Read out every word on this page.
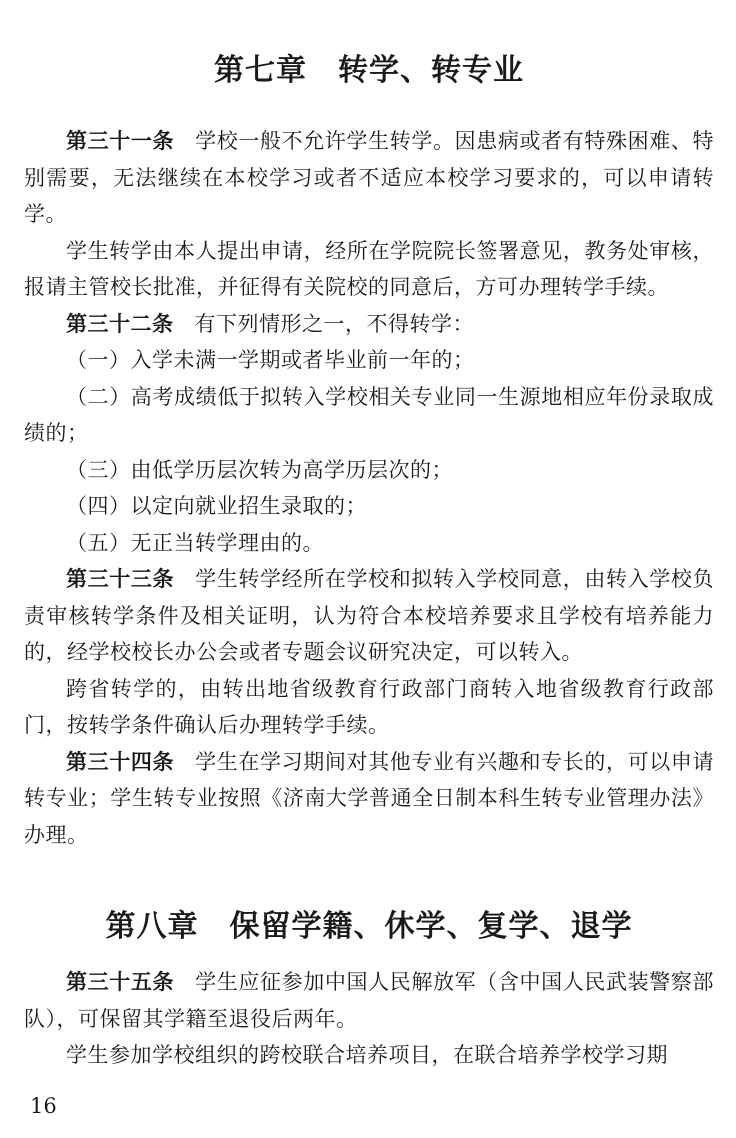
第七章　转学、转专业

第三十一条 学校一般不允许学生转学。因患病或者有特殊困难、特别需要，无法继续在本校学习或者不适应本校学习要求的，可以申请转学。

学生转学由本人提出申请，经所在学院院长签署意见，教务处审核，报请主管校长批准，并征得有关院校的同意后，方可办理转学手续。

第三十二条 有下列情形之一，不得转学：

（一）入学未满一学期或者毕业前一年的；

（二）高考成绩低于拟转入学校相关专业同一生源地相应年份录取成绩的；

（三）由低学历层次转为高学历层次的；

（四）以定向就业招生录取的；

（五）无正当转学理由的。

第三十三条 学生转学经所在学校和拟转入学校同意，由转入学校负责审核转学条件及相关证明，认为符合本校培养要求且学校有培养能力的，经学校校长办公会或者专题会议研究决定，可以转入。

跨省转学的，由转出地省级教育行政部门商转入地省级教育行政部门，按转学条件确认后办理转学手续。

第三十四条 学生在学习期间对其他专业有兴趣和专长的，可以申请转专业；学生转专业按照《济南大学普通全日制本科生转专业管理办法》办理。

第八章　保留学籍、休学、复学、退学

第三十五条 学生应征参加中国人民解放军（含中国人民武装警察部队），可保留其学籍至退役后两年。

学生参加学校组织的跨校联合培养项目，在联合培养学校学习期

16
